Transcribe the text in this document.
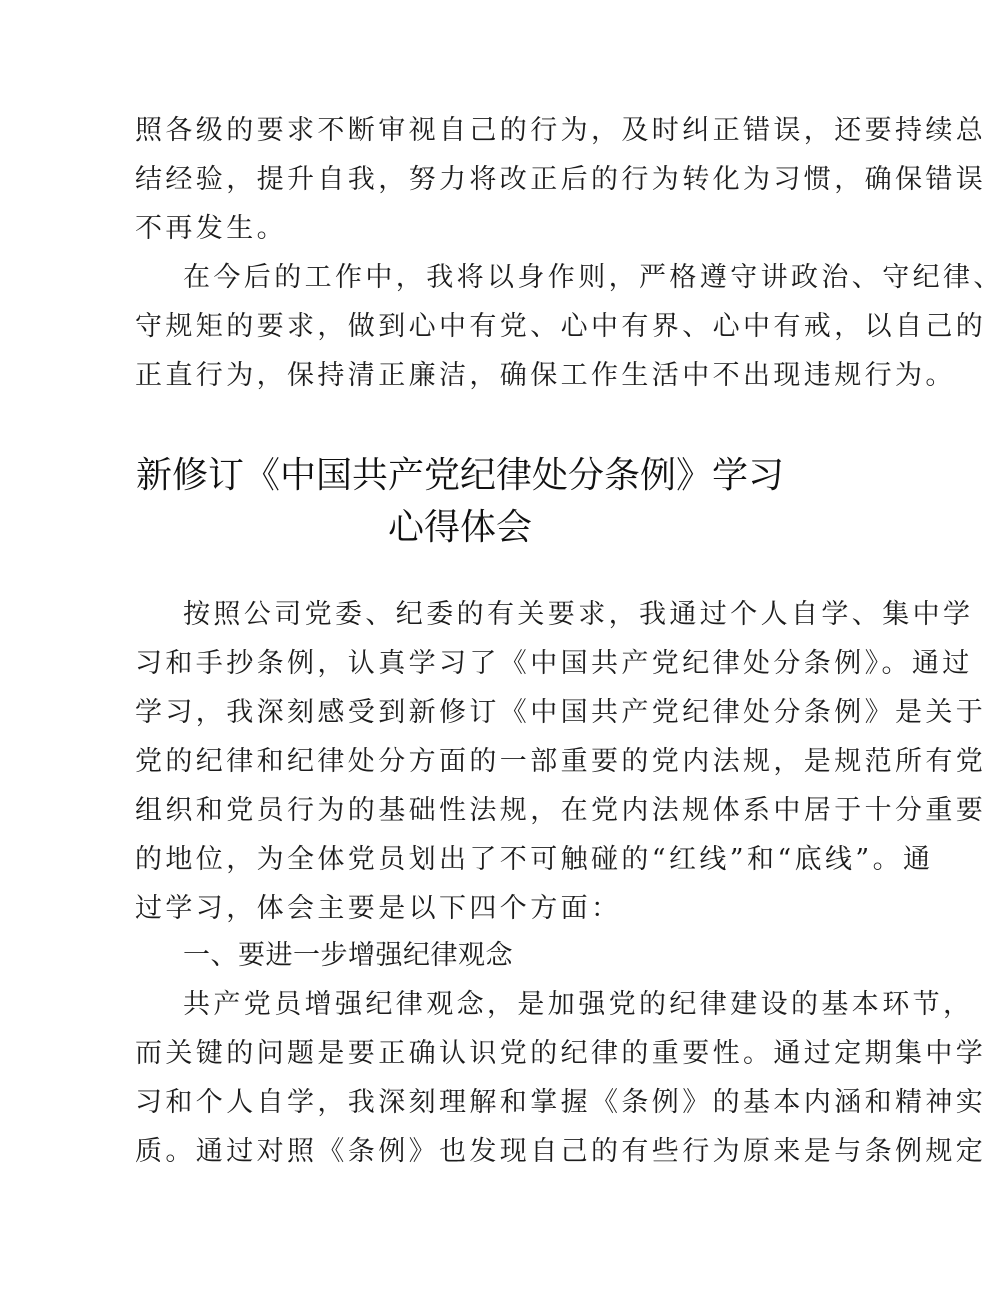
照各级的要求不断审视自己的行为，及时纠正错误，还要持续总
结经验，提升自我，努力将改正后的行为转化为习惯，确保错误
不再发生。
在今后的工作中，我将以身作则，严格遵守讲政治、守纪律、
守规矩的要求，做到心中有党、心中有界、心中有戒，以自己的
正直行为，保持清正廉洁，确保工作生活中不出现违规行为。
新修订《中国共产党纪律处分条例》学习
心得体会
按照公司党委、纪委的有关要求，我通过个人自学、集中学
习和手抄条例，认真学习了《中国共产党纪律处分条例》。通过
学习，我深刻感受到新修订《中国共产党纪律处分条例》是关于
党的纪律和纪律处分方面的一部重要的党内法规，是规范所有党
组织和党员行为的基础性法规，在党内法规体系中居于十分重要
的地位，为全体党员划出了不可触碰的“红线”和“底线”。通
过学习，体会主要是以下四个方面：
一、要进一步增强纪律观念
共产党员增强纪律观念，是加强党的纪律建设的基本环节，
而关键的问题是要正确认识党的纪律的重要性。通过定期集中学
习和个人自学，我深刻理解和掌握《条例》的基本内涵和精神实
质。通过对照《条例》也发现自己的有些行为原来是与条例规定
